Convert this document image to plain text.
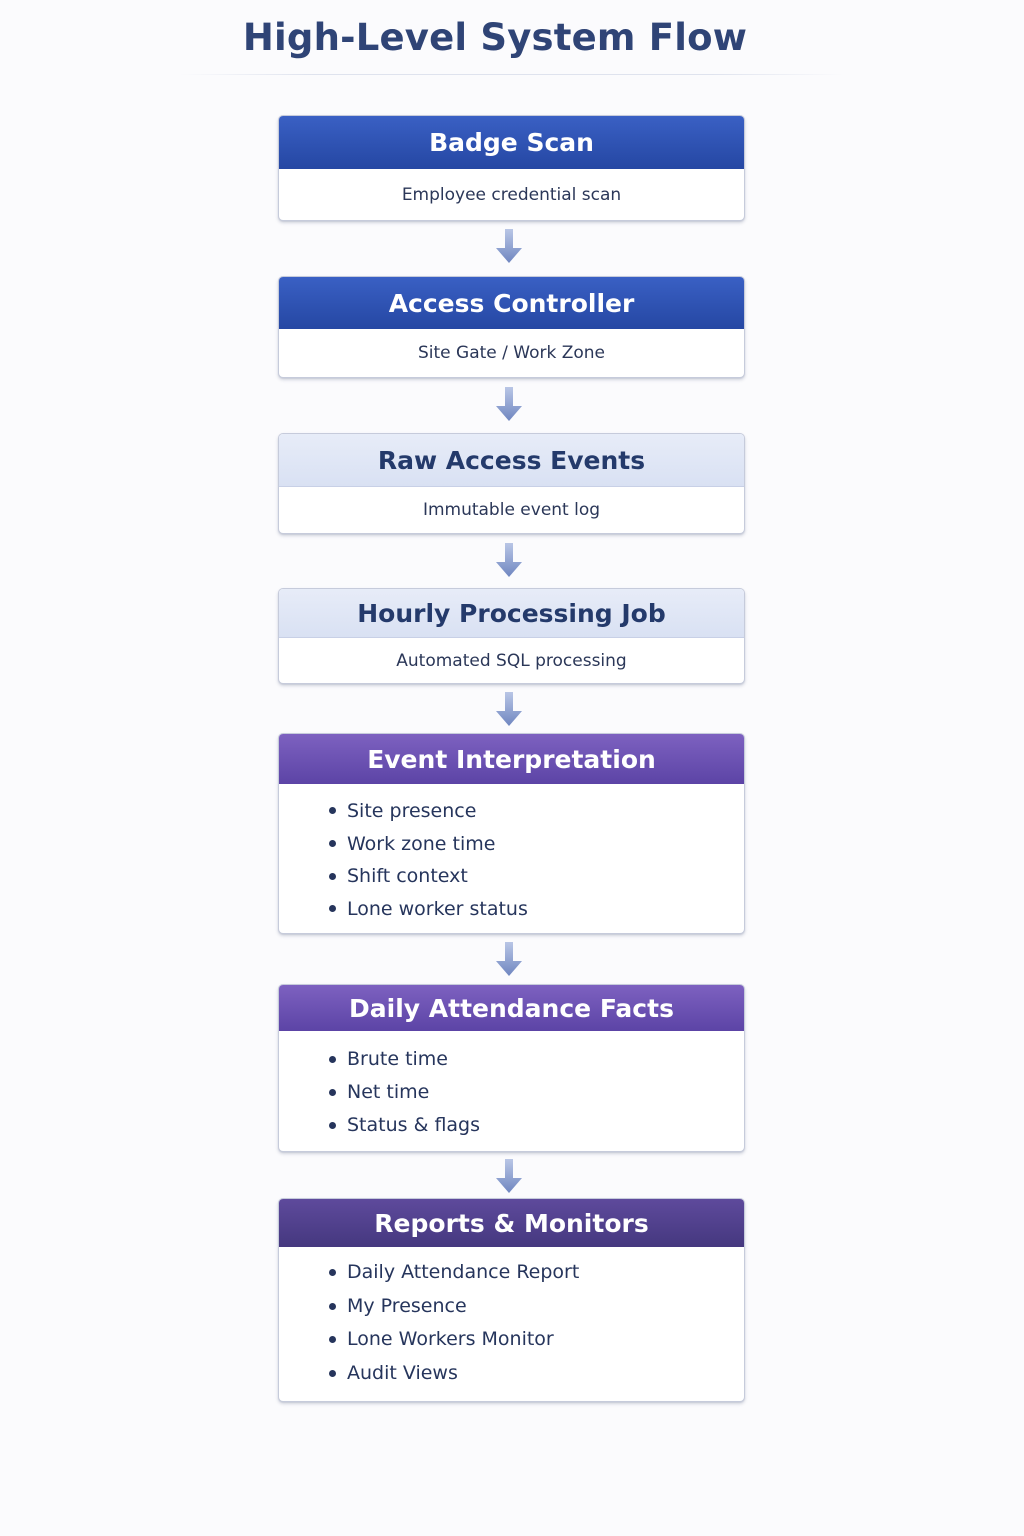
High-Level System Flow
Badge Scan
Employee credential scan
Access Controller
Site Gate / Work Zone
Raw Access Events
Immutable event log
Hourly Processing Job
Automated SQL processing
Event Interpretation
Site presence
Work zone time
Shift context
Lone worker status
Daily Attendance Facts
Brute time
Net time
Status & flags
Reports & Monitors
Daily Attendance Report
My Presence
Lone Workers Monitor
Audit Views
